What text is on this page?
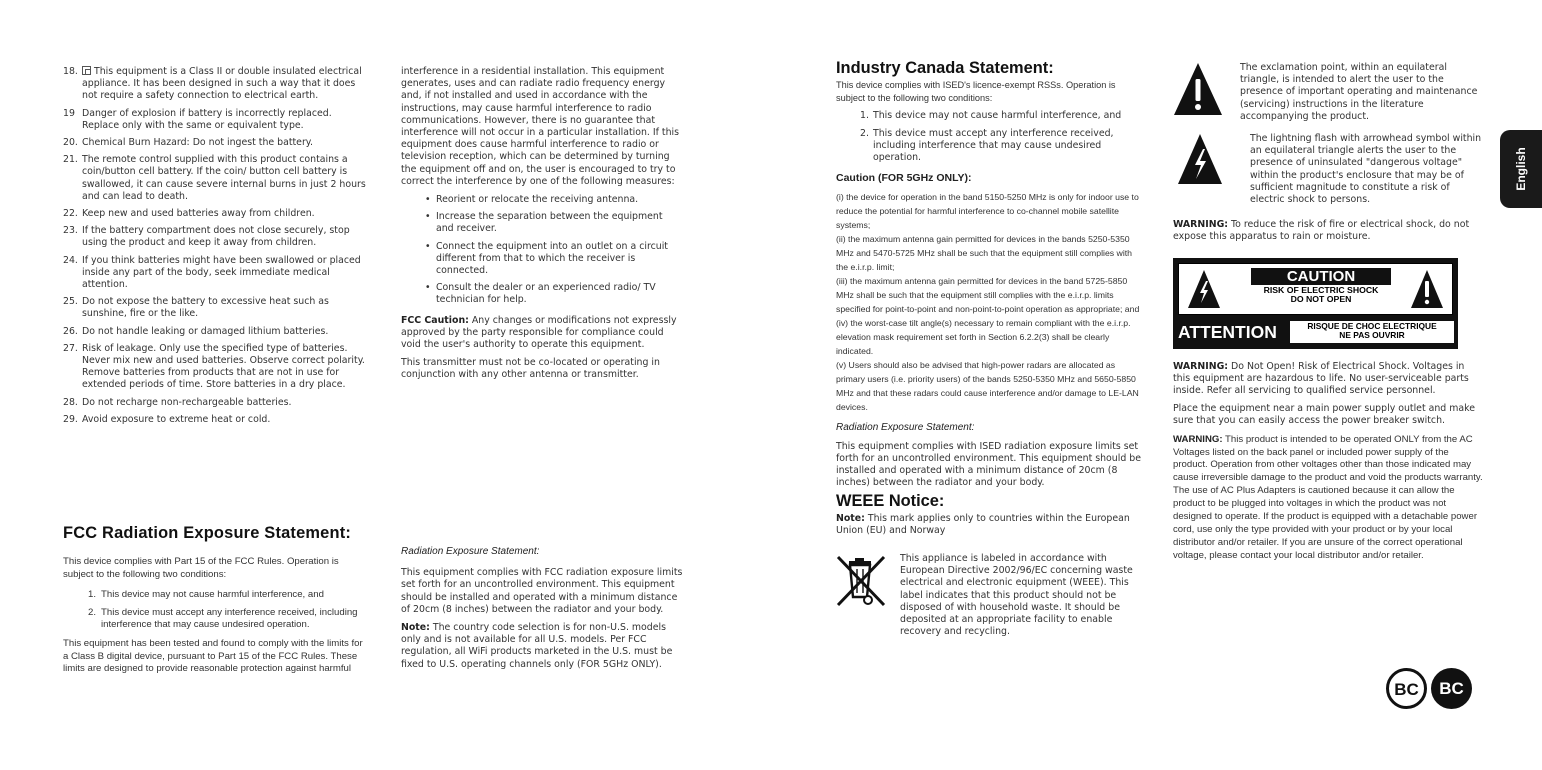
18. This equipment is a Class II or double insulated electrical appliance. It has been designed in such a way that it does not require a safety connection to electrical earth.
19 Danger of explosion if battery is incorrectly replaced. Replace only with the same or equivalent type.
20. Chemical Burn Hazard: Do not ingest the battery.
21. The remote control supplied with this product contains a coin/button cell battery. If the coin/ button cell battery is swallowed, it can cause severe internal burns in just 2 hours and can lead to death.
22. Keep new and used batteries away from children.
23. If the battery compartment does not close securely, stop using the product and keep it away from children.
24. If you think batteries might have been swallowed or placed inside any part of the body, seek immediate medical attention.
25. Do not expose the battery to excessive heat such as sunshine, fire or the like.
26. Do not handle leaking or damaged lithium batteries.
27. Risk of leakage. Only use the specified type of batteries. Never mix new and used batteries. Observe correct polarity. Remove batteries from products that are not in use for extended periods of time. Store batteries in a dry place.
28. Do not recharge non-rechargeable batteries.
29. Avoid exposure to extreme heat or cold.
FCC Radiation Exposure Statement:

This device complies with Part 15 of the FCC Rules. Operation is subject to the following two conditions:

1. This device may not cause harmful interference, and
2. This device must accept any interference received, including interference that may cause undesired operation.

This equipment has been tested and found to comply with the limits for a Class B digital device, pursuant to Part 15 of the FCC Rules. These limits are designed to provide reasonable protection against harmful

interference in a residential installation. This equipment generates, uses and can radiate radio frequency energy and, if not installed and used in accordance with the instructions, may cause harmful interference to radio communications. However, there is no guarantee that interference will not occur in a particular installation. If this equipment does cause harmful interference to radio or television reception, which can be determined by turning the equipment off and on, the user is encouraged to try to correct the interference by one of the following measures:

• Reorient or relocate the receiving antenna.
• Increase the separation between the equipment and receiver.
• Connect the equipment into an outlet on a circuit different from that to which the receiver is connected.
• Consult the dealer or an experienced radio/ TV technician for help.

FCC Caution: Any changes or modifications not expressly approved by the party responsible for compliance could void the user's authority to operate this equipment.

This transmitter must not be co-located or operating in conjunction with any other antenna or transmitter.

Radiation Exposure Statement:

This equipment complies with FCC radiation exposure limits set forth for an uncontrolled environment. This equipment should be installed and operated with a minimum distance of 20cm (8 inches) between the radiator and your body.

Note: The country code selection is for non-U.S. models only and is not available for all U.S. models. Per FCC regulation, all WiFi products marketed in the U.S. must be fixed to U.S. operating channels only (FOR 5GHz ONLY).

Industry Canada Statement:

This device complies with ISED's licence-exempt RSSs. Operation is subject to the following two conditions:

1. This device may not cause harmful interference, and
2. This device must accept any interference received, including interference that may cause undesired operation.
Caution (FOR 5GHz ONLY):
(i) the device for operation in the band 5150-5250 MHz is only for indoor use to reduce the potential for harmful interference to co-channel mobile satellite systems;
(ii) the maximum antenna gain permitted for devices in the bands 5250-5350 MHz and 5470-5725 MHz shall be such that the equipment still complies with the e.i.r.p. limit;
(iii) the maximum antenna gain permitted for devices in the band 5725-5850 MHz shall be such that the equipment still complies with the e.i.r.p. limits specified for point-to-point and non-point-to-point operation as appropriate; and
(iv) the worst-case tilt angle(s) necessary to remain compliant with the e.i.r.p. elevation mask requirement set forth in Section 6.2.2(3) shall be clearly indicated.
(v) Users should also be advised that high-power radars are allocated as primary users (i.e. priority users) of the bands 5250-5350 MHz and 5650-5850 MHz and that these radars could cause interference and/or damage to LE-LAN devices.

Radiation Exposure Statement:

This equipment complies with ISED radiation exposure limits set forth for an uncontrolled environment. This equipment should be installed and operated with a minimum distance of 20cm (8 inches) between the radiator and your body.

WEEE Notice:

Note: This mark applies only to countries within the European Union (EU) and Norway

This appliance is labeled in accordance with European Directive 2002/96/EC concerning waste electrical and electronic equipment (WEEE). This label indicates that this product should not be disposed of with household waste. It should be deposited at an appropriate facility to enable recovery and recycling.

The exclamation point, within an equilateral triangle, is intended to alert the user to the presence of important operating and maintenance (servicing) instructions in the literature accompanying the product.

The lightning flash with arrowhead symbol within an equilateral triangle alerts the user to the presence of uninsulated "dangerous voltage" within the product's enclosure that may be of sufficient magnitude to constitute a risk of electric shock to persons.

WARNING: To reduce the risk of fire or electrical shock, do not expose this apparatus to rain or moisture.

CAUTION
RISK OF ELECTRIC SHOCK
DO NOT OPEN
ATTENTION	RISQUE DE CHOC ELECTRIQUE
NE PAS OUVRIR

WARNING: Do Not Open! Risk of Electrical Shock. Voltages in this equipment are hazardous to life. No user-serviceable parts inside. Refer all servicing to qualified service personnel.

Place the equipment near a main power supply outlet and make sure that you can easily access the power breaker switch.

WARNING: This product is intended to be operated ONLY from the AC Voltages listed on the back panel or included power supply of the product. Operation from other voltages other than those indicated may cause irreversible damage to the product and void the products warranty. The use of AC Plus Adapters is cautioned because it can allow the product to be plugged into voltages in which the product was not designed to operate. If the product is equipped with a detachable power cord, use only the type provided with your product or by your local distributor and/or retailer. If you are unsure of the correct operational voltage, please contact your local distributor and/or retailer.

BC	BC
English
